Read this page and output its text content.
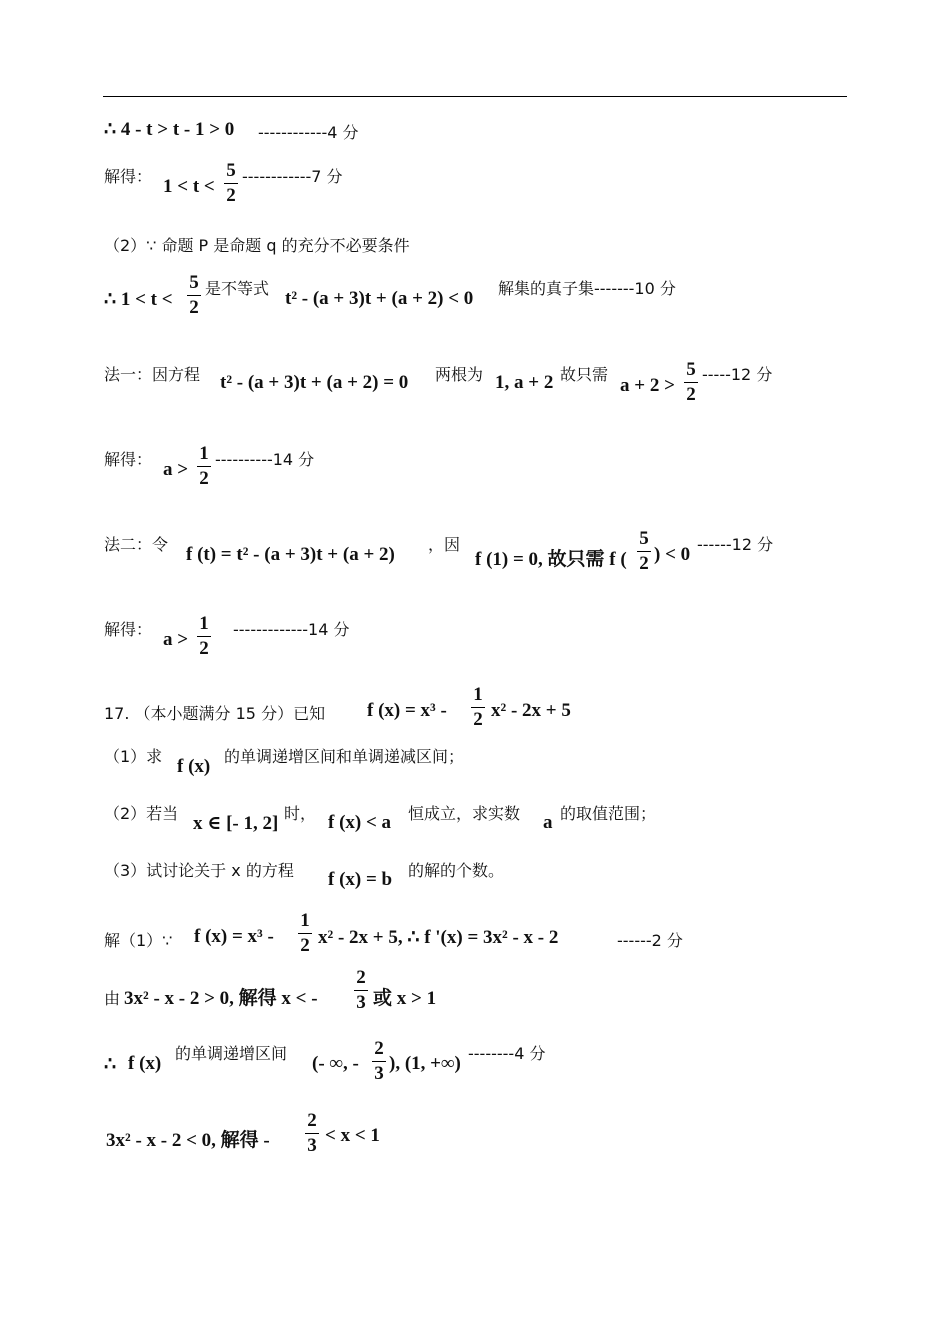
∴ 4 - t > t - 1 > 0 ------------4 分
解得： 1 < t <
5
2
------------7 分
（2）∵ 命题 P 是命题 q 的充分不必要条件
∴ 1 < t <
5
2
是不等式 t² - (a + 3)t + (a + 2) < 0 解集的真子集-------10 分
法一：因方程 t² - (a + 3)t + (a + 2) = 0 两根为 1, a + 2 故只需
a + 2 >
5
2
-----12 分
解得： a >
1
2
----------14 分
法二：令 f (t) = t² - (a + 3)t + (a + 2) ，因
f (1) = 0, 故只需 f (
5
2 ) < 0 ------12 分
解得： a >
1
2
-------------14 分
17. （本小题满分 15 分）已知 f (x) = x³ -
1
2 x² - 2x + 5
（1）求 f (x) 的单调递增区间和单调递减区间；
（2）若当 x ∈ [- 1, 2] 时， f (x) < a 恒成立，求实数 a 的取值范围；
（3）试讨论关于 x 的方程 f (x) = b 的解的个数。
解（1）∵ f (x) = x³ -
1
2 x² - 2x + 5, ∴ f '(x) = 3x² - x - 2	------2 分
由 3x² - x - 2 > 0, 解得 x < -
2
3 或 x > 1
∴ f (x) 的单调递增区间 (- ∞, -
2
3 ), (1, +∞) --------4 分
3x² - x - 2 < 0, 解得 -
2
3 < x < 1
